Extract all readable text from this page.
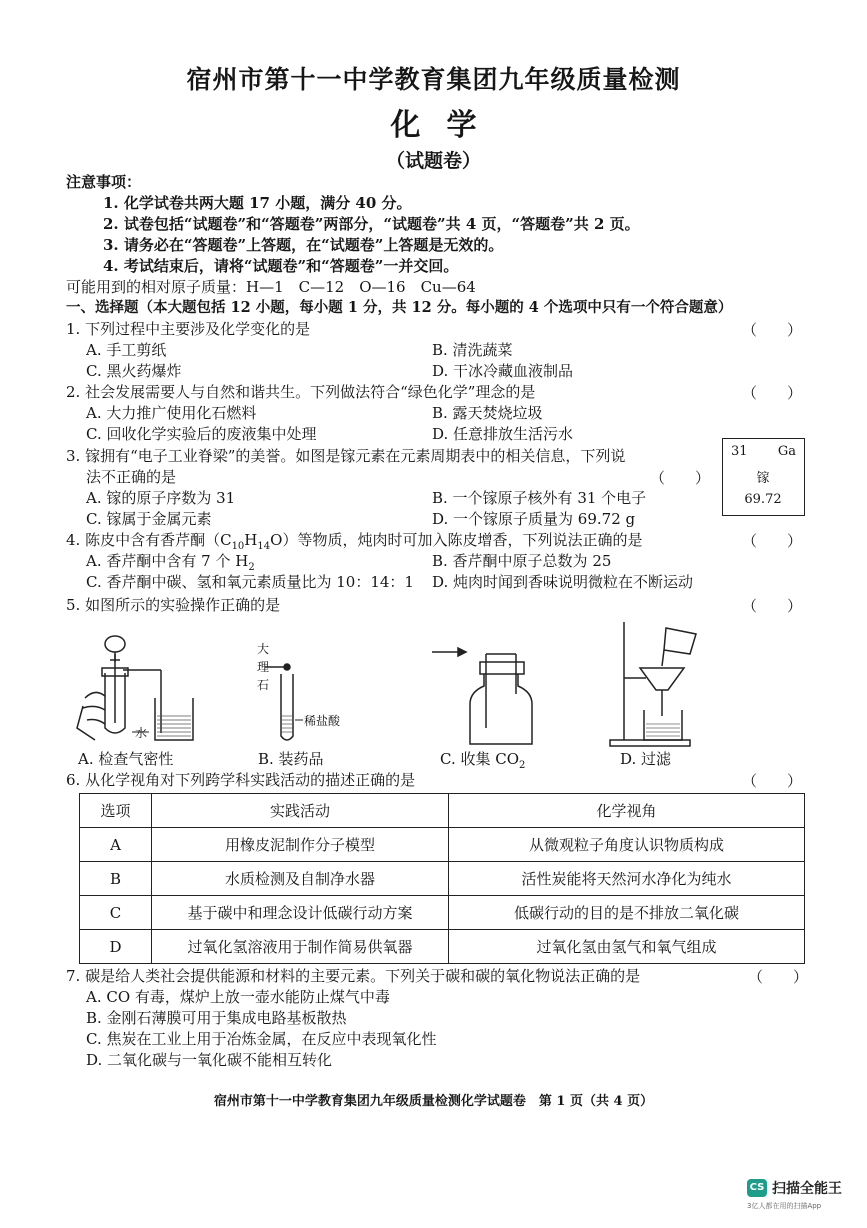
宿州市第十一中学教育集团九年级质量检测
化学
（试题卷）
注意事项：
1. 化学试卷共两大题 17 小题，满分 40 分。
2. 试卷包括“试题卷”和“答题卷”两部分，“试题卷”共 4 页，“答题卷”共 2 页。
3. 请务必在“答题卷”上答题，在“试题卷”上答题是无效的。
4. 考试结束后，请将“试题卷”和“答题卷”一并交回。
可能用到的相对原子质量：H—1　C—12　O—16　Cu—64
一、选择题（本大题包括 12 小题，每小题 1 分，共 12 分。每小题的 4 个选项中只有一个符合题意）
1. 下列过程中主要涉及化学变化的是	（　　）
A. 手工剪纸	B. 清洗蔬菜
C. 黑火药爆炸	D. 干冰冷藏血液制品
2. 社会发展需要人与自然和谐共生。下列做法符合“绿色化学”理念的是	（　　）
A. 大力推广使用化石燃料	B. 露天焚烧垃圾
C. 回收化学实验后的废液集中处理	D. 任意排放生活污水
3. 镓拥有“电子工业脊梁”的美誉。如图是镓元素在元素周期表中的相关信息，下列说
法不正确的是	（　　）
A. 镓的原子序数为 31	B. 一个镓原子核外有 31 个电子
C. 镓属于金属元素	D. 一个镓原子质量为 69.72 g
31 Ga
镓
69.72
4. 陈皮中含有香芹酮$(C_{10}H_{14}O)$等物质，炖肉时可加入陈皮增香，下列说法正确的是	（　　）
A. 香芹酮中含有 7 个 $H_2$	B. 香芹酮中原子总数为 25
C. 香芹酮中碳、氢和氧元素质量比为 10：14：1 D. 炖肉时闻到香味说明微粒在不断运动
5. 如图所示的实验操作正确的是	（　　）
水
大理石
稀盐酸
A. 检查气密性	B. 装药品	C. 收集 $CO_2$	D. 过滤
6. 从化学视角对下列跨学科实践活动的描述正确的是	（　　）
选项	实践活动	化学视角
A	用橡皮泥制作分子模型	从微观粒子角度认识物质构成
B	水质检测及自制净水器	活性炭能将天然河水净化为纯水
C	基于碳中和理念设计低碳行动方案	低碳行动的目的是不排放二氧化碳
D	过氧化氢溶液用于制作简易供氧器	过氧化氢由氢气和氧气组成
7. 碳是给人类社会提供能源和材料的主要元素。下列关于碳和碳的氧化物说法正确的是	（　　）
A. CO 有毒，煤炉上放一壶水能防止煤气中毒
B. 金刚石薄膜可用于集成电路基板散热
C. 焦炭在工业上用于冶炼金属，在反应中表现氧化性
D. 二氧化碳与一氧化碳不能相互转化
宿州市第十一中学教育集团九年级质量检测化学试题卷　第 1 页（共 4 页）
CS 扫描全能王
3亿人都在用的扫描App
